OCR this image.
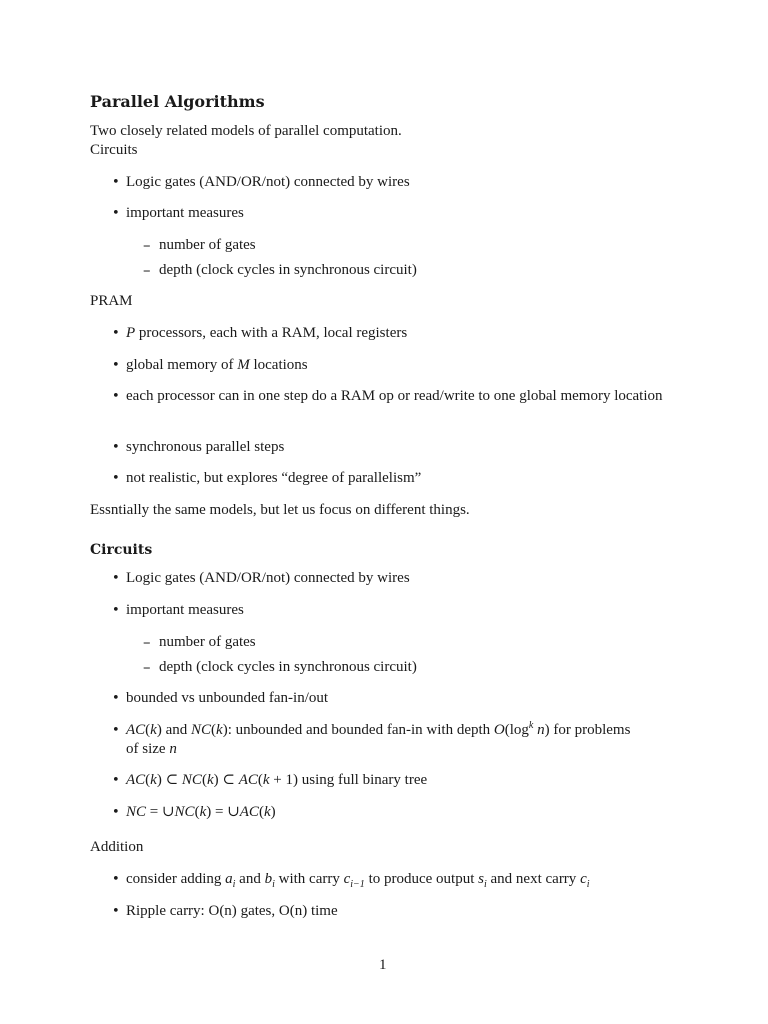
Parallel Algorithms
Two closely related models of parallel computation.
Circuits
• Logic gates (AND/OR/not) connected by wires
• important measures
– number of gates
– depth (clock cycles in synchronous circuit)
PRAM
• P processors, each with a RAM, local registers
• global memory of M locations
• each processor can in one step do a RAM op or read/write to one global memory location
• synchronous parallel steps
• not realistic, but explores “degree of parallelism”
Essntially the same models, but let us focus on different things.
Circuits
• Logic gates (AND/OR/not) connected by wires
• important measures
– number of gates
– depth (clock cycles in synchronous circuit)
• bounded vs unbounded fan-in/out
• AC(k) and NC(k): unbounded and bounded fan-in with depth $O(\log^k$ n) for problems
of size n
• AC(k) ⊂ NC(k) ⊂ AC(k + 1) using full binary tree
• NC = ∪NC(k) = ∪AC(k)
Addition
• consider adding $a_i$ and $b_i$ with carry $c_{i-1}$ to produce output $s_i$ and next carry $c_i$
• Ripple carry: O(n) gates, O(n) time
1
